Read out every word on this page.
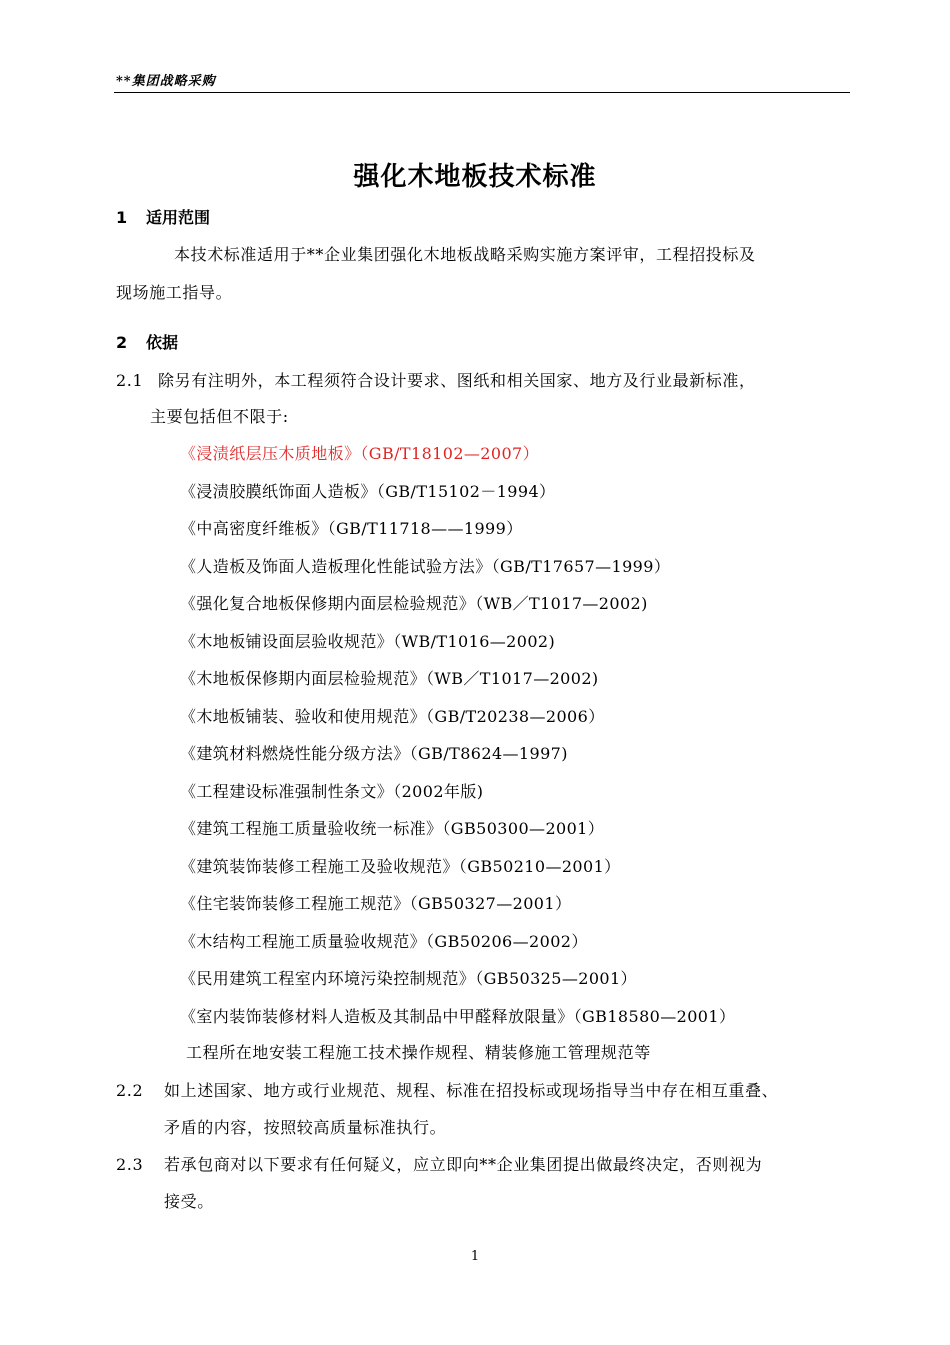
**集团战略采购
强化木地板技术标准
1 适用范围
本技术标准适用于**企业集团强化木地板战略采购实施方案评审，工程招投标及
现场施工指导。
2 依据
2.1 除另有注明外，本工程须符合设计要求、图纸和相关国家、地方及行业最新标准，
主要包括但不限于:
《浸渍纸层压木质地板》（GB/T18102—2007）
《浸渍胶膜纸饰面人造板》（GB/T15102－1994）
《中高密度纤维板》（GB/T11718——1999）
《人造板及饰面人造板理化性能试验方法》（GB/T17657—1999）
《强化复合地板保修期内面层检验规范》（WB／T1017—2002)
《木地板铺设面层验收规范》（WB/T1016—2002)
《木地板保修期内面层检验规范》（WB／T1017—2002)
《木地板铺装、验收和使用规范》（GB/T20238—2006）
《建筑材料燃烧性能分级方法》（GB/T8624—1997)
《工程建设标准强制性条文》（2002年版)
《建筑工程施工质量验收统一标准》（GB50300—2001）
《建筑装饰装修工程施工及验收规范》（GB50210—2001）
《住宅装饰装修工程施工规范》（GB50327—2001）
《木结构工程施工质量验收规范》（GB50206—2002）
《民用建筑工程室内环境污染控制规范》（GB50325—2001）
《室内装饰装修材料人造板及其制品中甲醛释放限量》（GB18580—2001）
工程所在地安装工程施工技术操作规程、精装修施工管理规范等
2.2 如上述国家、地方或行业规范、规程、标准在招投标或现场指导当中存在相互重叠、
矛盾的内容，按照较高质量标准执行。
2.3 若承包商对以下要求有任何疑义，应立即向**企业集团提出做最终决定，否则视为
接受。
1
